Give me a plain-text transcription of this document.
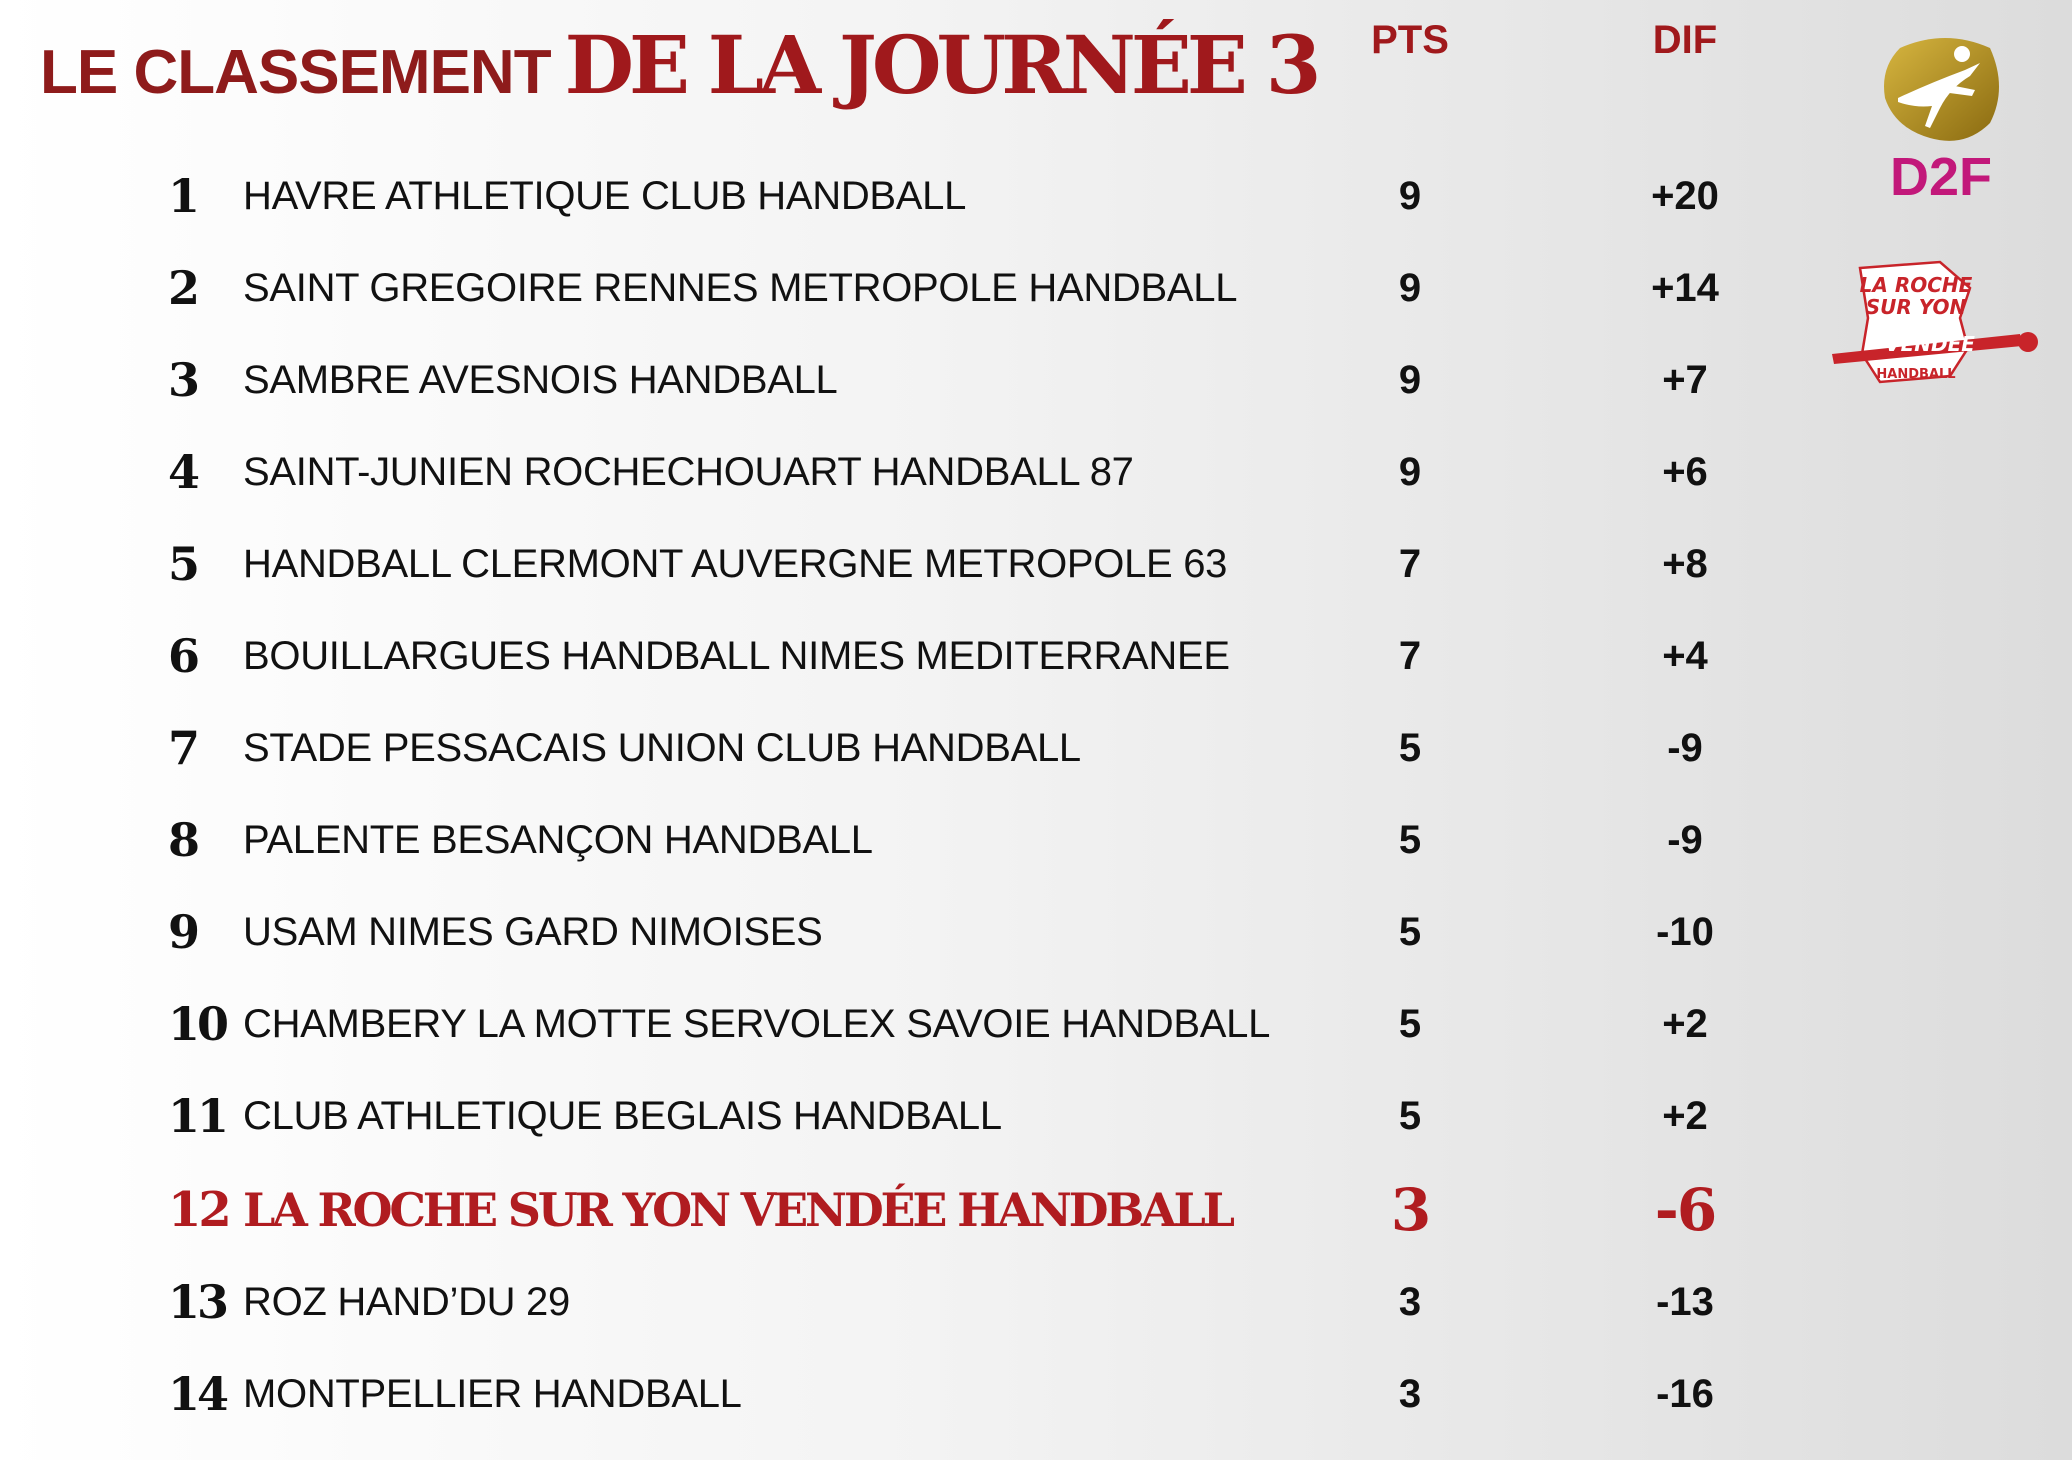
LE CLASSEMENT DE LA JOURNÉE 3	PTS	DIF
1 HAVRE ATHLETIQUE CLUB HANDBALL	9	+20
2 SAINT GREGOIRE RENNES METROPOLE HANDBALL	9	+14
3 SAMBRE AVESNOIS HANDBALL	9	+7
4 SAINT-JUNIEN ROCHECHOUART HANDBALL 87	9	+6
5 HANDBALL CLERMONT AUVERGNE METROPOLE 63	7	+8
6 BOUILLARGUES HANDBALL NIMES MEDITERRANEE	7	+4
7 STADE PESSACAIS UNION CLUB HANDBALL	5	-9
8 PALENTE BESANÇON HANDBALL	5	-9
9 USAM NIMES GARD NIMOISES	5	-10
10 CHAMBERY LA MOTTE SERVOLEX SAVOIE HANDBALL	5	+2
11 CLUB ATHLETIQUE BEGLAIS HANDBALL	5	+2
12 LA ROCHE SUR YON VENDÉE HANDBALL	3	-6
13 ROZ HAND’DU 29	3	-13
14 MONTPELLIER HANDBALL	3	-16
D2F
LA ROCHE
SUR YON
VENDÉE
HANDBALL
